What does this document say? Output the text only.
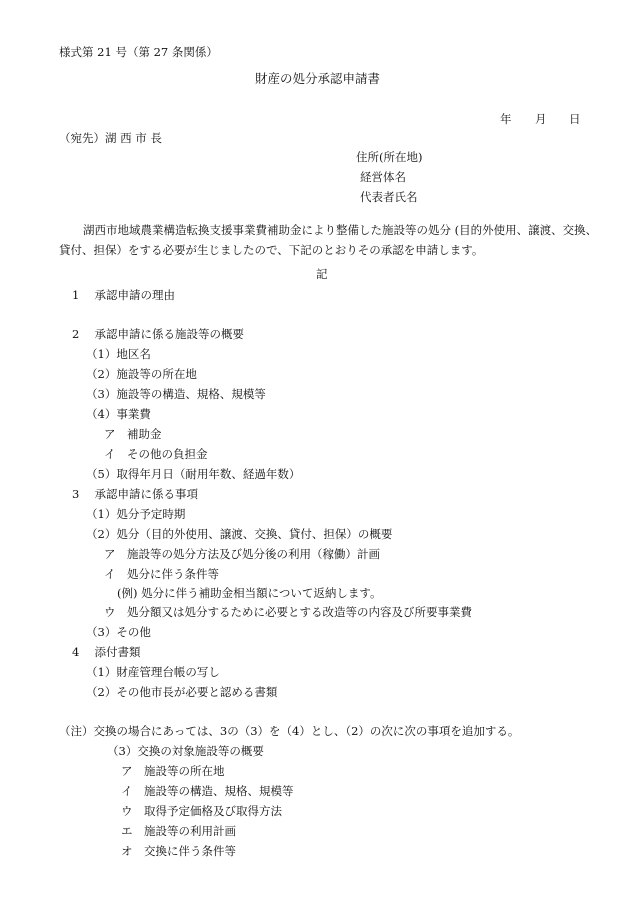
様式第 21 号（第 27 条関係）
財産の処分承認申請書
年 月 日
（宛先）湖 西 市 長
住所(所在地)
経営体名
代表者氏名
湖西市地域農業構造転換支援事業費補助金により整備した施設等の処分 (目的外使用、譲渡、交換、
貸付、担保）をする必要が生じましたので、下記のとおりその承認を申請します。
記
1　 承認申請の理由
2　 承認申請に係る施設等の概要
（1）地区名
（2）施設等の所在地
（3）施設等の構造、規格、規模等
（4）事業費
ア　補助金
イ　その他の負担金
（5）取得年月日（耐用年数、経過年数）
3　 承認申請に係る事項
（1）処分予定時期
（2）処分（目的外使用、譲渡、交換、貸付、担保）の概要
ア　施設等の処分方法及び処分後の利用（稼働）計画
イ　処分に伴う条件等
(例) 処分に伴う補助金相当額について返納します。
ウ　処分額又は処分するために必要とする改造等の内容及び所要事業費
（3）その他
4　 添付書類
（1）財産管理台帳の写し
（2）その他市長が必要と認める書類
（注）交換の場合にあっては、3の（3）を（4）とし、（2）の次に次の事項を追加する。
（3）交換の対象施設等の概要
ア　施設等の所在地
イ　施設等の構造、規格、規模等
ウ　取得予定価格及び取得方法
エ　施設等の利用計画
オ　交換に伴う条件等
